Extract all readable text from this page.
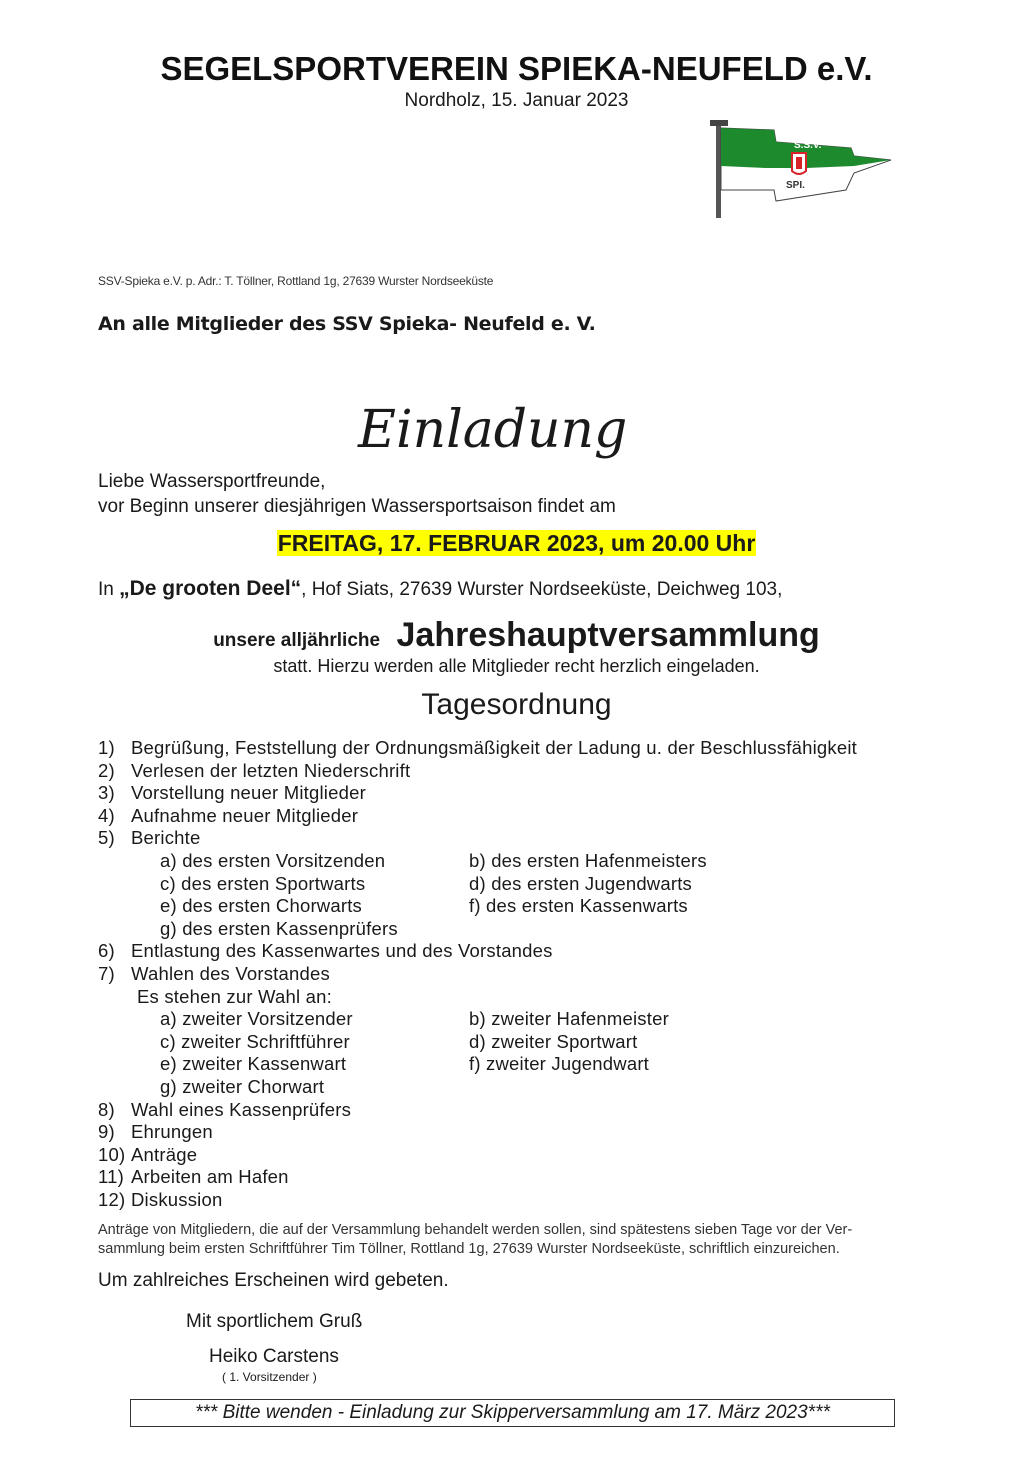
SEGELSPORTVEREIN SPIEKA-NEUFELD e.V.
Nordholz, 15. Januar 2023
S.S.V.
SPI.
SSV-Spieka e.V. p. Adr.: T. Töllner, Rottland 1g, 27639 Wurster Nordseeküste
An alle Mitglieder des SSV Spieka- Neufeld e. V.
Einladung
Liebe Wassersportfreunde,
vor Beginn unserer diesjährigen Wassersportsaison findet am
FREITAG, 17. FEBRUAR 2023, um 20.00 Uhr
In „De grooten Deel“, Hof Siats, 27639 Wurster Nordseeküste, Deichweg 103,
unsere alljährliche Jahreshauptversammlung
statt. Hierzu werden alle Mitglieder recht herzlich eingeladen.
Tagesordnung
1) Begrüßung, Feststellung der Ordnungsmäßigkeit der Ladung u. der Beschlussfähigkeit
2) Verlesen der letzten Niederschrift
3) Vorstellung neuer Mitglieder
4) Aufnahme neuer Mitglieder
5) Berichte
a) des ersten Vorsitzenden	b) des ersten Hafenmeisters
c) des ersten Sportwarts	d) des ersten Jugendwarts
e) des ersten Chorwarts	f) des ersten Kassenwarts
g) des ersten Kassenprüfers
6) Entlastung des Kassenwartes und des Vorstandes
7) Wahlen des Vorstandes
Es stehen zur Wahl an:
a) zweiter Vorsitzender	b) zweiter Hafenmeister
c) zweiter Schriftführer	d) zweiter Sportwart
e) zweiter Kassenwart	f) zweiter Jugendwart
g) zweiter Chorwart
8) Wahl eines Kassenprüfers
9) Ehrungen
10) Anträge
11) Arbeiten am Hafen
12) Diskussion
Anträge von Mitgliedern, die auf der Versammlung behandelt werden sollen, sind spätestens sieben Tage vor der Ver-
sammlung beim ersten Schriftführer Tim Töllner, Rottland 1g, 27639 Wurster Nordseeküste, schriftlich einzureichen.
Um zahlreiches Erscheinen wird gebeten.
Mit sportlichem Gruß
Heiko Carstens
( 1. Vorsitzender )
*** Bitte wenden - Einladung zur Skipperversammlung am 17. März 2023***
